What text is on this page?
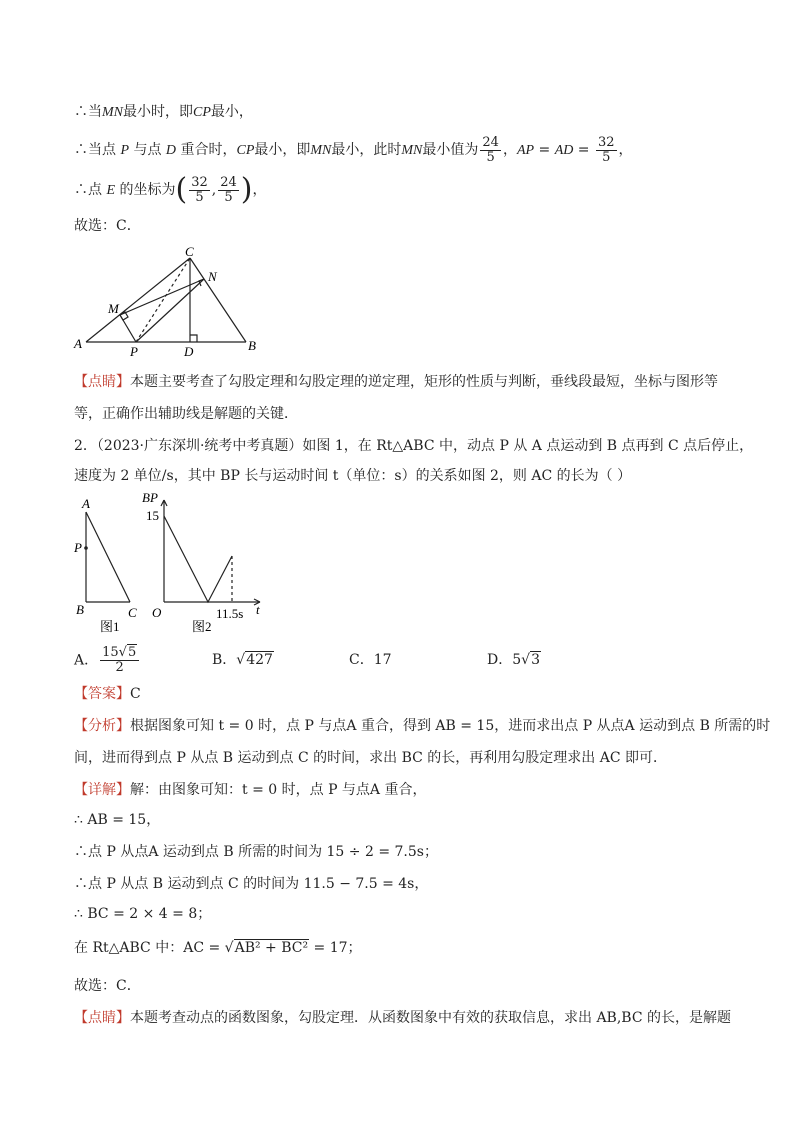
∴当MN最小时，即CP最小，
∴当点 P 与点 D 重合时，CP最小，即MN最小，此时MN最小值为 $\frac{24}{5}$ ，AP = AD = $\frac{32}{5}$ ，
∴点 E 的坐标为( $\frac{32}{5}$ , $\frac{24}{5}$ )，
故选：C．
C
N
M
A
P	D	B
【点睛】本题主要考查了勾股定理和勾股定理的逆定理，矩形的性质与判断，垂线段最短，坐标与图形等
等，正确作出辅助线是解题的关键．
2．（2023·广东深圳·统考中考真题）如图 1，在 Rt△ABC 中，动点 P 从 A 点运动到 B 点再到 C 点后停止，
速度为 2 单位/s，其中 BP 长与运动时间 t（单位：s）的关系如图 2，则 AC 的长为（ ）
A
P
B	C
图1
BP
15
O	11.5s t
图2
A． $\frac{15√5}{2}$	B．√427	C．17	D．5√3
【答案】C
【分析】根据图象可知 t = 0 时，点 P 与点A 重合，得到 AB = 15，进而求出点 P 从点A 运动到点 B 所需的时
间，进而得到点 P 从点 B 运动到点 C 的时间，求出 BC 的长，再利用勾股定理求出 AC 即可．
【详解】解：由图象可知：t = 0 时，点 P 与点A 重合，
∴ AB = 15，
∴点 P 从点A 运动到点 B 所需的时间为 15 ÷ 2 = 7.5s；
∴点 P 从点 B 运动到点 C 的时间为 11.5 − 7.5 = 4s，
∴ BC = 2 × 4 = 8；
在 Rt△ABC 中：AC = √AB² + BC² = 17；
故选：C．
【点睛】本题考查动点的函数图象，勾股定理．从函数图象中有效的获取信息，求出 AB,BC 的长，是解题
